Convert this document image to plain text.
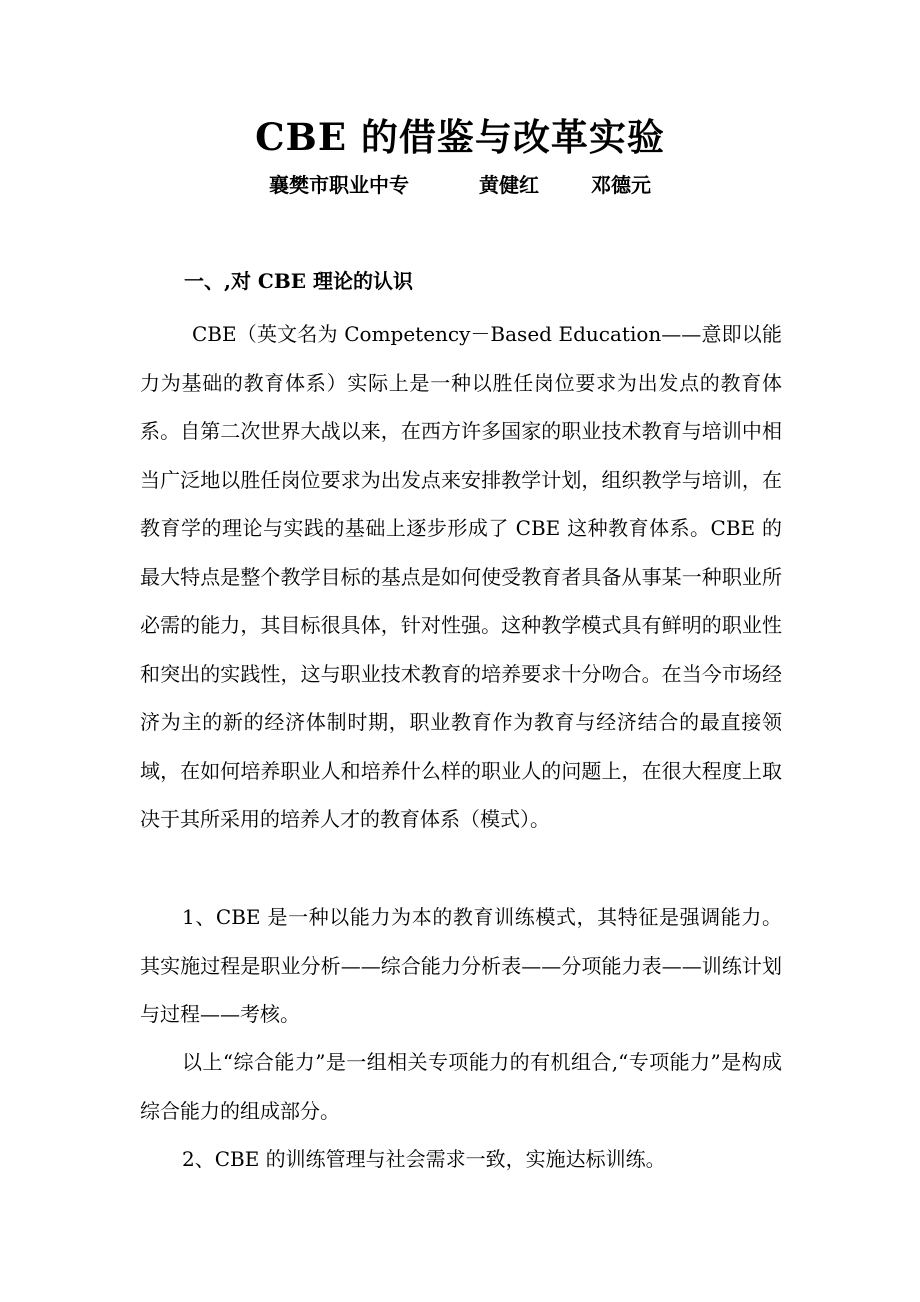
CBE 的借鉴与改革实验
襄樊市职业中专	黄健红	邓德元
一、,对 CBE 理论的认识

CBE（英文名为 Competency－Based Education——意即以能力为基础的教育体系）实际上是一种以胜任岗位要求为出发点的教育体系。自第二次世界大战以来，在西方许多国家的职业技术教育与培训中相当广泛地以胜任岗位要求为出发点来安排教学计划，组织教学与培训，在教育学的理论与实践的基础上逐步形成了 CBE 这种教育体系。CBE 的最大特点是整个教学目标的基点是如何使受教育者具备从事某一种职业所必需的能力，其目标很具体，针对性强。这种教学模式具有鲜明的职业性和突出的实践性，这与职业技术教育的培养要求十分吻合。在当今市场经济为主的新的经济体制时期，职业教育作为教育与经济结合的最直接领域，在如何培养职业人和培养什么样的职业人的问题上，在很大程度上取决于其所采用的培养人才的教育体系（模式）。

1、CBE 是一种以能力为本的教育训练模式，其特征是强调能力。其实施过程是职业分析——综合能力分析表——分项能力表——训练计划与过程——考核。

以上“综合能力”是一组相关专项能力的有机组合,“专项能力”是构成综合能力的组成部分。

2、CBE 的训练管理与社会需求一致，实施达标训练。
